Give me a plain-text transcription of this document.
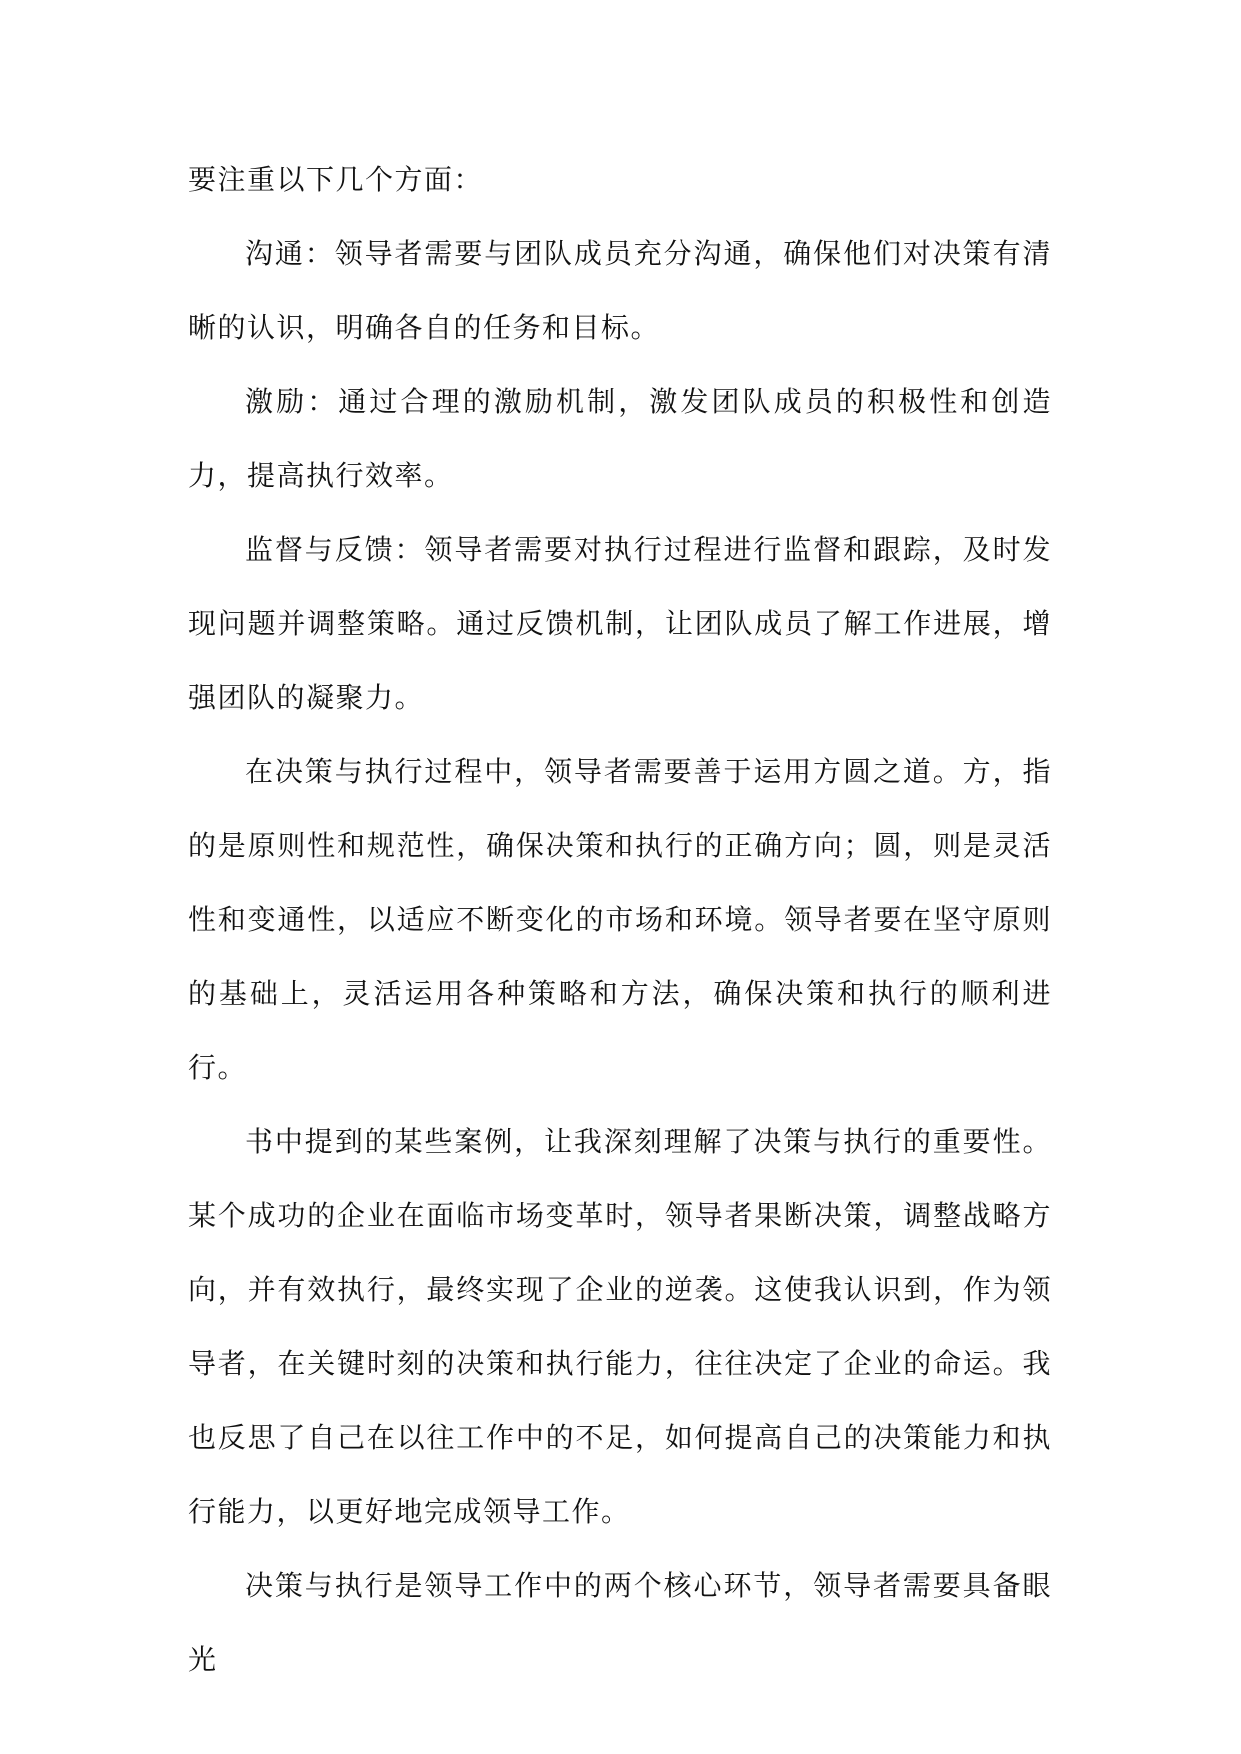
要注重以下几个方面：

沟通：领导者需要与团队成员充分沟通，确保他们对决策有清晰的认识，明确各自的任务和目标。

激励：通过合理的激励机制，激发团队成员的积极性和创造力，提高执行效率。

监督与反馈：领导者需要对执行过程进行监督和跟踪，及时发现问题并调整策略。通过反馈机制，让团队成员了解工作进展，增强团队的凝聚力。

在决策与执行过程中，领导者需要善于运用方圆之道。方，指的是原则性和规范性，确保决策和执行的正确方向；圆，则是灵活性和变通性，以适应不断变化的市场和环境。领导者要在坚守原则的基础上，灵活运用各种策略和方法，确保决策和执行的顺利进行。

书中提到的某些案例，让我深刻理解了决策与执行的重要性。某个成功的企业在面临市场变革时，领导者果断决策，调整战略方向，并有效执行，最终实现了企业的逆袭。这使我认识到，作为领导者，在关键时刻的决策和执行能力，往往决定了企业的命运。我也反思了自己在以往工作中的不足，如何提高自己的决策能力和执行能力，以更好地完成领导工作。

决策与执行是领导工作中的两个核心环节，领导者需要具备眼光
